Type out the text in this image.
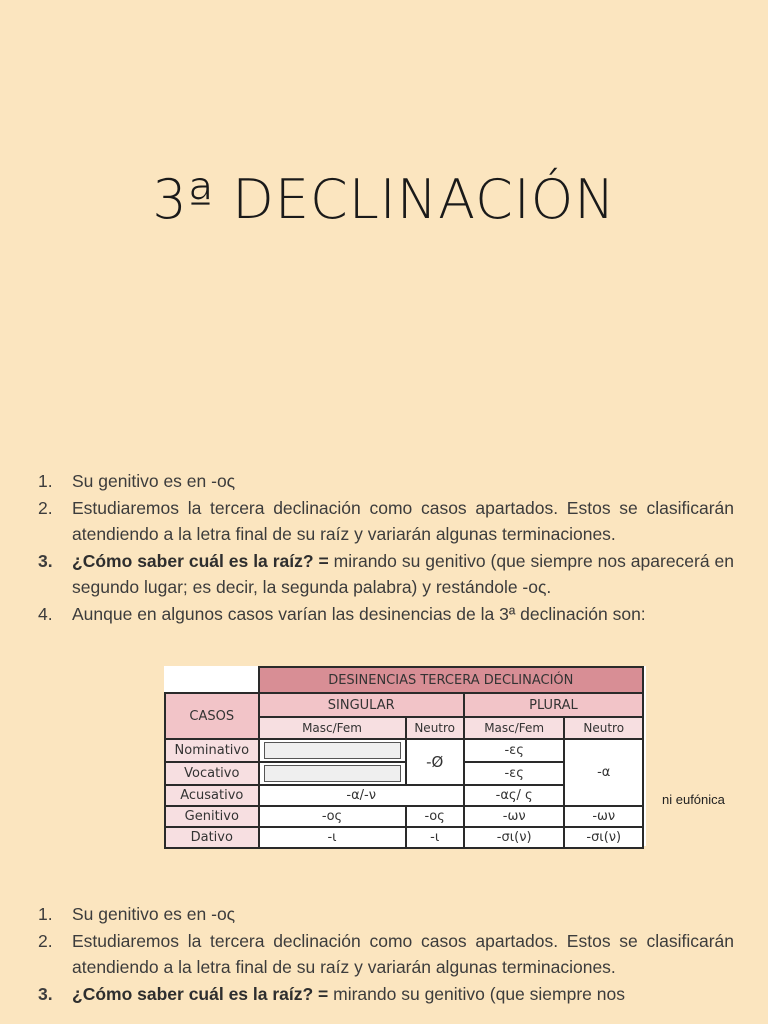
3ª DECLINACIÓN
1.	Su genitivo es en -ος
2.	Estudiaremos la tercera declinación como casos apartados. Estos se clasificarán atendiendo a la letra final de su raíz y variarán algunas terminaciones.
3.	¿Cómo saber cuál es la raíz? = mirando su genitivo (que siempre nos aparecerá en segundo lugar; es decir, la segunda palabra) y restándole -ος.
4.	Aunque en algunos casos varían las desinencias de la 3ª declinación son:
	DESINENCIAS TERCERA DECLINACIÓN			
CASOS	SINGULAR		PLURAL	
	Masc/Fem	Neutro	Masc/Fem	Neutro
Nominativo		-Ø	-ες	-α
Vocativo			-ες	
Acusativo	-α/-ν		-ας/ ς	
Genitivo	-ος	-ος	-ων	-ων
Dativo	-ι	-ι	-σι(ν)	-σι(ν)
ni eufónica
1.	Su genitivo es en -ος
2.	Estudiaremos la tercera declinación como casos apartados. Estos se clasificarán atendiendo a la letra final de su raíz y variarán algunas terminaciones.
3.	¿Cómo saber cuál es la raíz? = mirando su genitivo (que siempre nos
